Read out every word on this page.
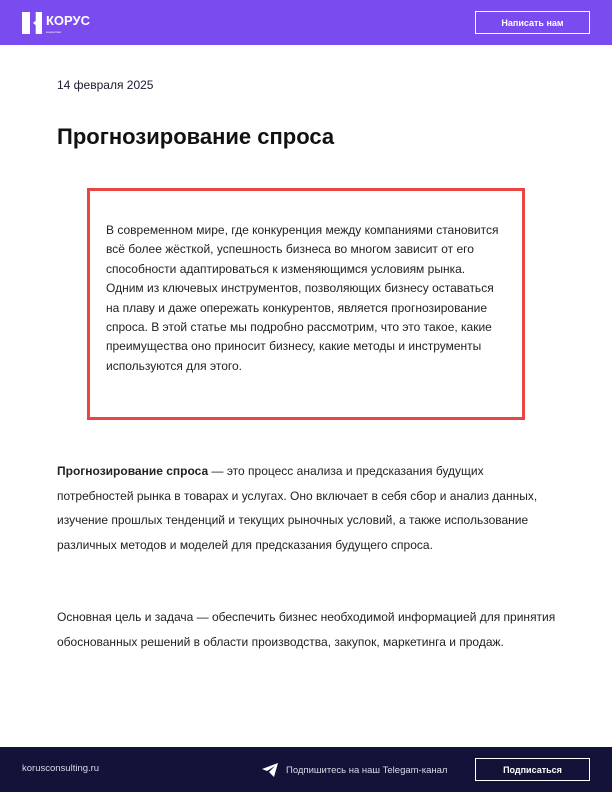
КОРУС
консалтинг
Написать нам
14 февраля 2025
Прогнозирование спроса
В современном мире, где конкуренция между компаниями становится всё более жёсткой, успешность бизнеса во многом зависит от его способности адаптироваться к изменяющимся условиям рынка. Одним из ключевых инструментов, позволяющих бизнесу оставаться на плаву и даже опережать конкурентов, является прогнозирование спроса. В этой статье мы подробно рассмотрим, что это такое, какие преимущества оно приносит бизнесу, какие методы и инструменты используются для этого.
Прогнозирование спроса — это процесс анализа и предсказания будущих потребностей рынка в товарах и услугах. Оно включает в себя сбор и анализ данных, изучение прошлых тенденций и текущих рыночных условий, а также использование различных методов и моделей для предсказания будущего спроса.
Основная цель и задача — обеспечить бизнес необходимой информацией для принятия обоснованных решений в области производства, закупок, маркетинга и продаж.
korusconsulting.ru	Подпишитесь на наш Telegam-канал	Подписаться
